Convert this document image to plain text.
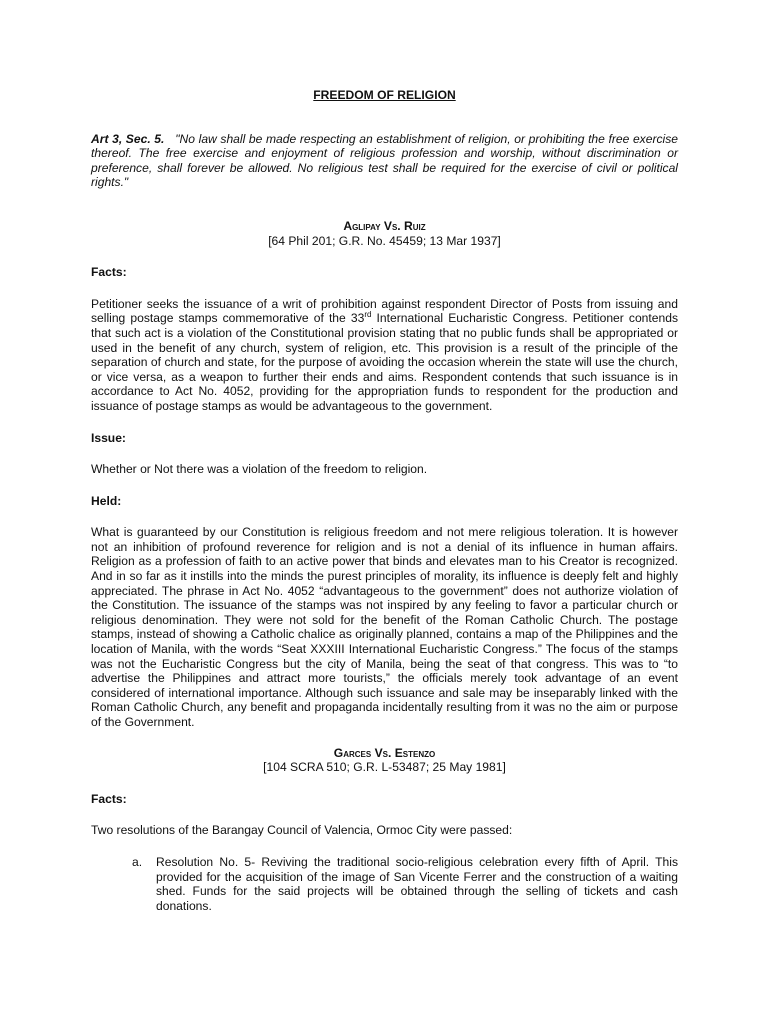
FREEDOM OF RELIGION

Art 3, Sec. 5. "No law shall be made respecting an establishment of religion, or prohibiting the free exercise thereof. The free exercise and enjoyment of religious profession and worship, without discrimination or preference, shall forever be allowed. No religious test shall be required for the exercise of civil or political rights."

Aglipay Vs. Ruiz
[64 Phil 201; G.R. No. 45459; 13 Mar 1937]

Facts:

Petitioner seeks the issuance of a writ of prohibition against respondent Director of Posts from issuing and selling postage stamps commemorative of the 33rd International Eucharistic Congress. Petitioner contends that such act is a violation of the Constitutional provision stating that no public funds shall be appropriated or used in the benefit of any church, system of religion, etc. This provision is a result of the principle of the separation of church and state, for the purpose of avoiding the occasion wherein the state will use the church, or vice versa, as a weapon to further their ends and aims. Respondent contends that such issuance is in accordance to Act No. 4052, providing for the appropriation funds to respondent for the production and issuance of postage stamps as would be advantageous to the government.

Issue:

Whether or Not there was a violation of the freedom to religion.

Held:

What is guaranteed by our Constitution is religious freedom and not mere religious toleration. It is however not an inhibition of profound reverence for religion and is not a denial of its influence in human affairs. Religion as a profession of faith to an active power that binds and elevates man to his Creator is recognized. And in so far as it instills into the minds the purest principles of morality, its influence is deeply felt and highly appreciated. The phrase in Act No. 4052 “advantageous to the government” does not authorize violation of the Constitution. The issuance of the stamps was not inspired by any feeling to favor a particular church or religious denomination. They were not sold for the benefit of the Roman Catholic Church. The postage stamps, instead of showing a Catholic chalice as originally planned, contains a map of the Philippines and the location of Manila, with the words “Seat XXXIII International Eucharistic Congress.” The focus of the stamps was not the Eucharistic Congress but the city of Manila, being the seat of that congress. This was to “to advertise the Philippines and attract more tourists,” the officials merely took advantage of an event considered of international importance. Although such issuance and sale may be inseparably linked with the Roman Catholic Church, any benefit and propaganda incidentally resulting from it was no the aim or purpose of the Government.

Garces Vs. Estenzo
[104 SCRA 510; G.R. L-53487; 25 May 1981]

Facts:

Two resolutions of the Barangay Council of Valencia, Ormoc City were passed:

a.	Resolution No. 5- Reviving the traditional socio-religious celebration every fifth of April. This provided for the acquisition of the image of San Vicente Ferrer and the construction of a waiting shed. Funds for the said projects will be obtained through the selling of tickets and cash donations.
